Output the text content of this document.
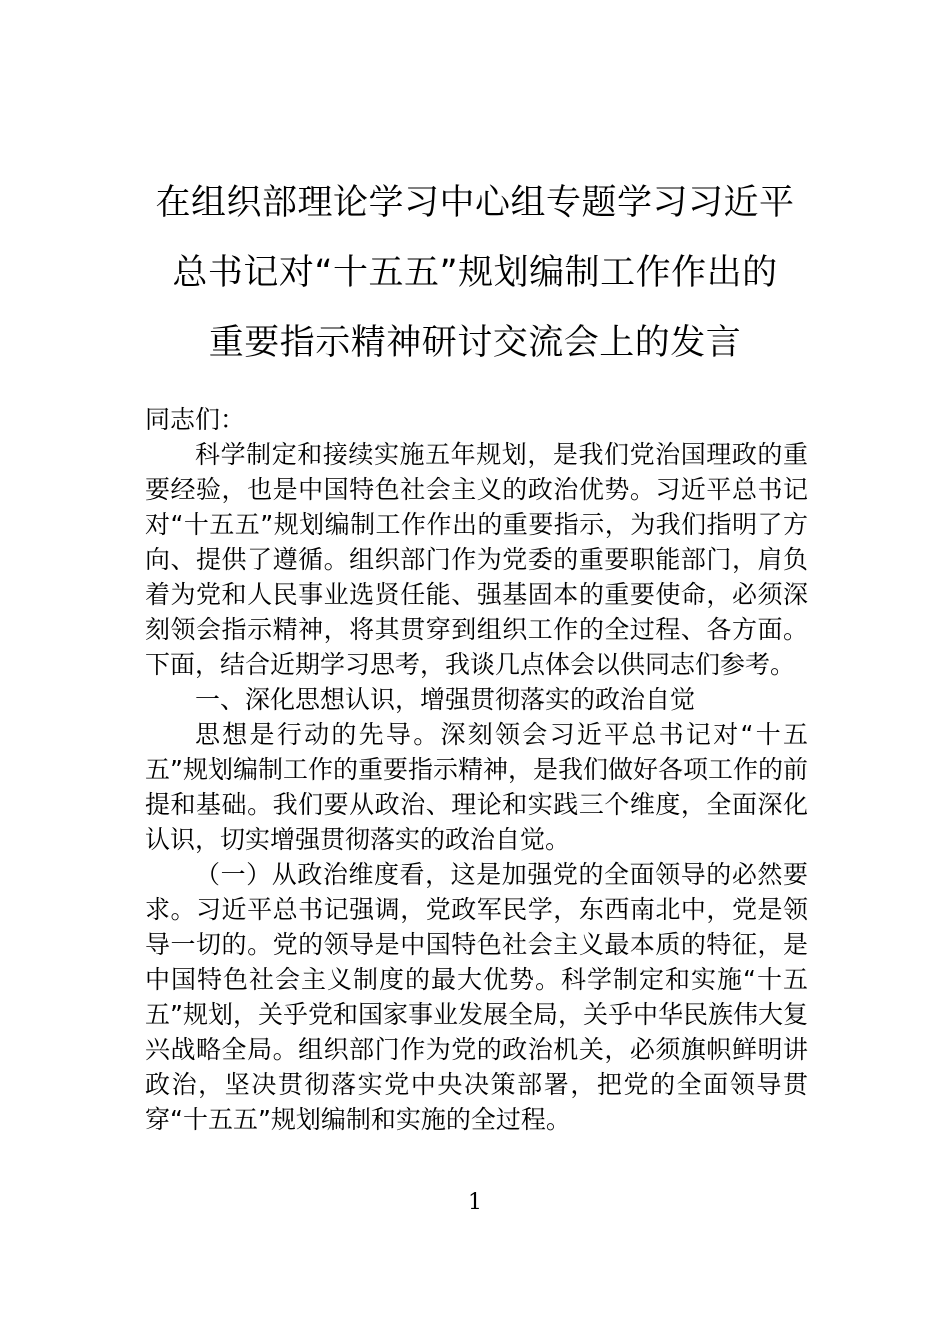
在组织部理论学习中心组专题学习习近平
总书记对“十五五”规划编制工作作出的
重要指示精神研讨交流会上的发言

同志们：

科学制定和接续实施五年规划，是我们党治国理政的重要经验，也是中国特色社会主义的政治优势。习近平总书记对“十五五”规划编制工作作出的重要指示，为我们指明了方向、提供了遵循。组织部门作为党委的重要职能部门，肩负着为党和人民事业选贤任能、强基固本的重要使命，必须深刻领会指示精神，将其贯穿到组织工作的全过程、各方面。下面，结合近期学习思考，我谈几点体会以供同志们参考。

一、深化思想认识，增强贯彻落实的政治自觉

思想是行动的先导。深刻领会习近平总书记对“十五五”规划编制工作的重要指示精神，是我们做好各项工作的前提和基础。我们要从政治、理论和实践三个维度，全面深化认识，切实增强贯彻落实的政治自觉。

（一）从政治维度看，这是加强党的全面领导的必然要求。习近平总书记强调，党政军民学，东西南北中，党是领导一切的。党的领导是中国特色社会主义最本质的特征，是中国特色社会主义制度的最大优势。科学制定和实施“十五五”规划，关乎党和国家事业发展全局，关乎中华民族伟大复兴战略全局。组织部门作为党的政治机关，必须旗帜鲜明讲政治，坚决贯彻落实党中央决策部署，把党的全面领导贯穿“十五五”规划编制和实施的全过程。

1
